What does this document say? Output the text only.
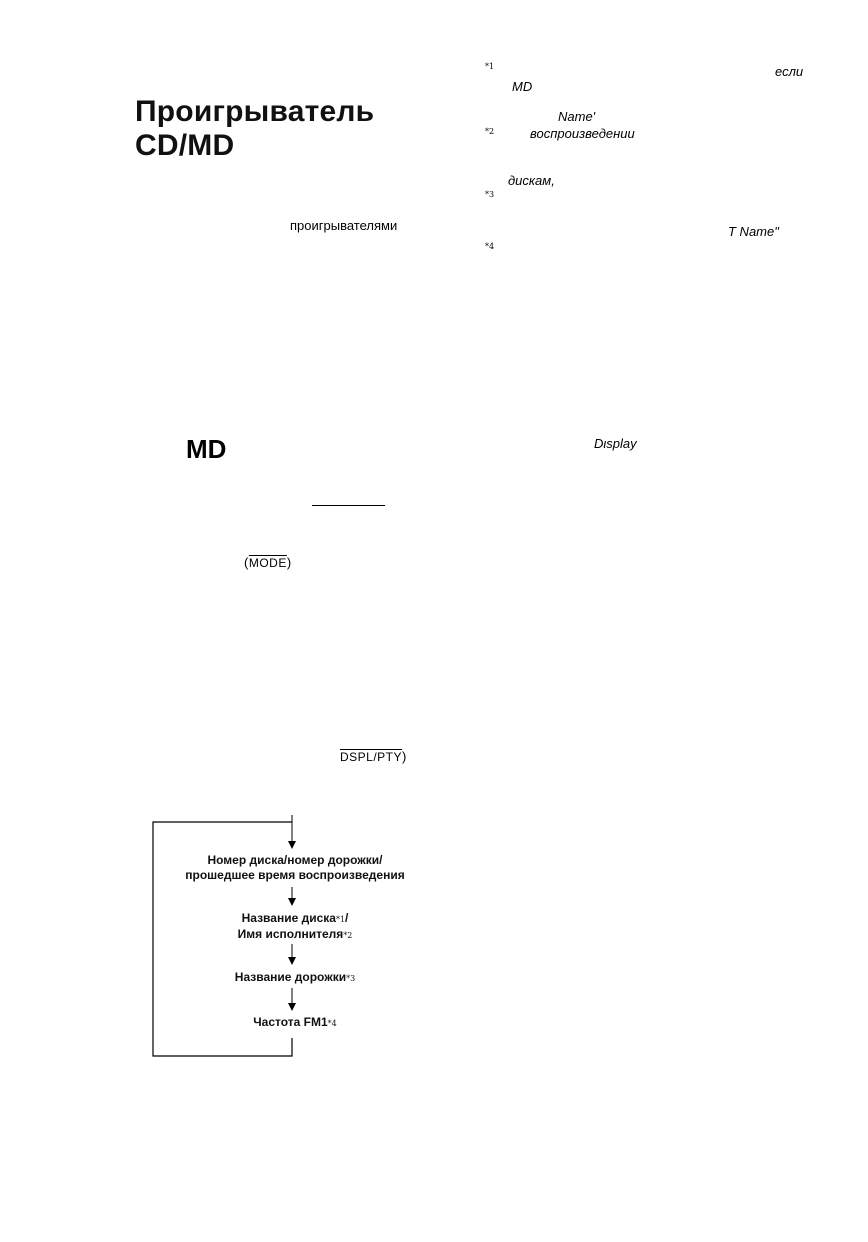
Проигрыватель
CD/MD
проигрывателями
MD
(MODE)
DSPL/PTY)
*1	если
MD
Name'
*2	воспроизведении
дискам,
*3
T Name"
*4
Dιsplay
Номер диска/номер дорожки/
прошедшее время воспроизведения
Название диска*1/
Имя исполнителя*2
Название дорожки*3
Частота FM1*4
